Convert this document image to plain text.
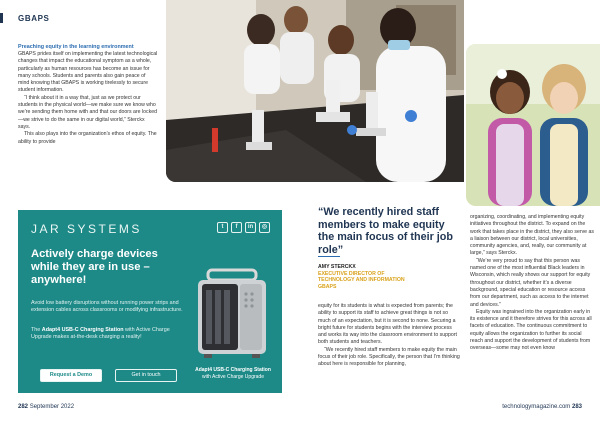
GBAPS
Preaching equity in the learning environment

GBAPS prides itself on implementing the latest technological changes that impact the educational symptom as a whole, particularly as human resources has become an issue for many schools. Students and parents also gain peace of mind knowing that GBAPS is working tirelessly to secure student information.

“I think about it in a way that, just as we protect our students in the physical world—we make sure we know who we’re sending them home with and that our doors are locked—we strive to do the same in our digital world,” Sterckx says.

This also plays into the organization’s ethos of equity. The ability to provide

JAR SYSTEMS	t	f	in	◎
Actively charge devices while they are in use – anywhere!
Avoid low battery disruptions without running power strips and extension cables across classrooms or modifying infrastructure.
The Adapt4 USB-C Charging Station with Active Charge Upgrade makes at-the-desk charging a reality!
Request a Demo	Get in touch
Adapt4 USB-C Charging Station
with Active Charge Upgrade
“We recently hired staff members to make equity the main focus of their job role”
AMY STERCKX
EXECUTIVE DIRECTOR OF
TECHNOLOGY AND INFORMATION
GBAPS

equity for its students is what is expected from parents; the ability to support its staff to achieve great things is not so much of an expectation, but it is second to none. Securing a bright future for students begins with the interview process and works its way into the classroom environment to support both students and teachers.

“We recently hired staff members to make equity the main focus of their job role. Specifically, the person that I’m thinking about here is responsible for planning,

organizing, coordinating, and implementing equity initiatives throughout the district. To expand on the work that takes place in the district, they also serve as a liaison between our district, local universities, community agencies, and, really, our community at large,” says Sterckx.

“We’re very proud to say that this person was named one of the most influential Black leaders in Wisconsin, which really shows our support for equity throughout our district, whether it’s a diverse background, special education or resource access from our department, such as access to the internet and devices.”

Equity was ingrained into the organization early in its existence and it therefore strives for this across all facets of education. The continuous commitment to equity allows the organization to further its social reach and support the development of students from overseas—some may not even know

282 September 2022	technologymagazine.com 283
